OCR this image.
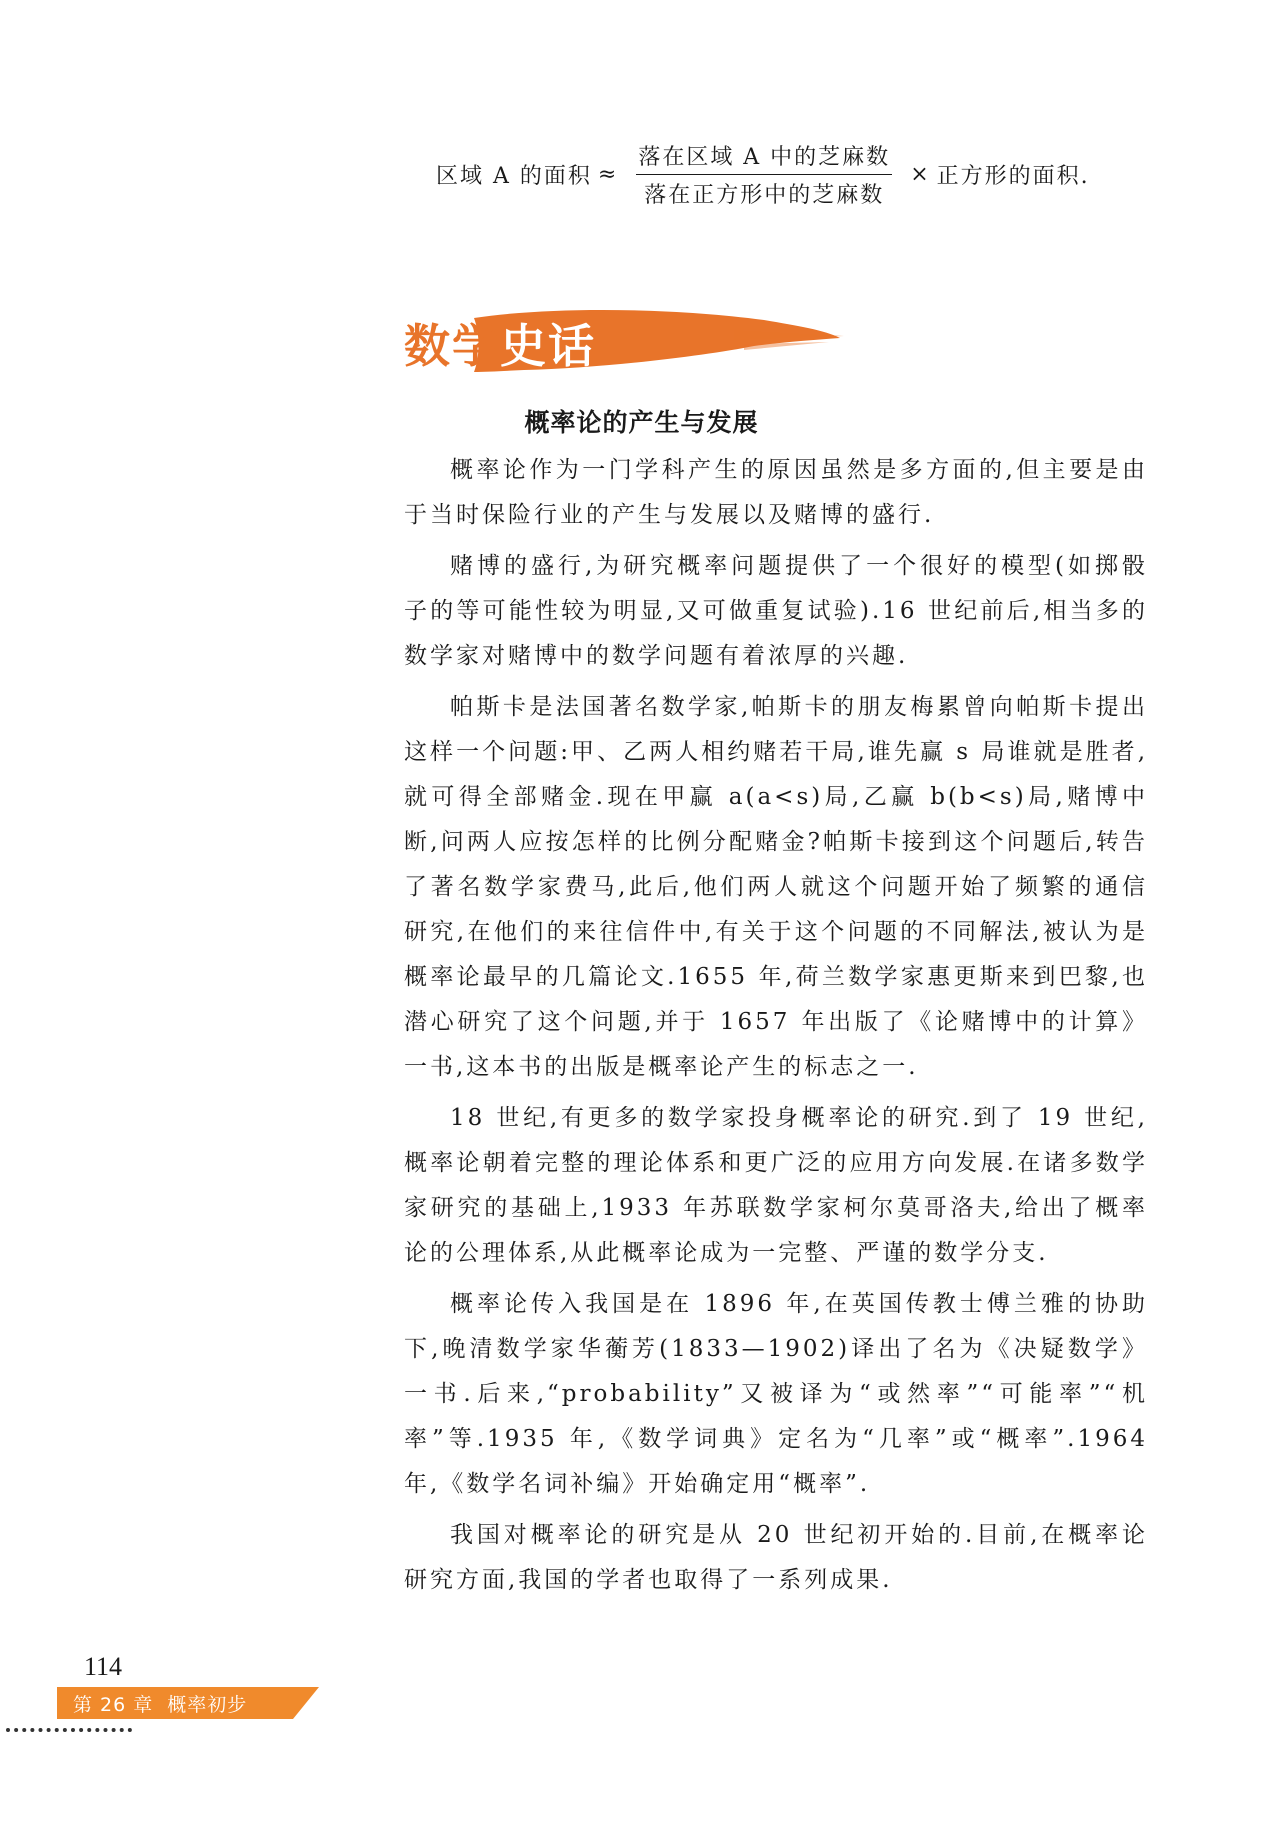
区域 A 的面积 ≈ $\frac{\text{落在区域 A 中的芝麻数}}{\text{落在正方形中的芝麻数}}$ × 正方形的面积.
数学史话
概率论的产生与发展

概率论作为一门学科产生的原因虽然是多方面的,但主要是由于当时保险行业的产生与发展以及赌博的盛行.

赌博的盛行,为研究概率问题提供了一个很好的模型(如掷骰子的等可能性较为明显,又可做重复试验).16 世纪前后,相当多的数学家对赌博中的数学问题有着浓厚的兴趣.

帕斯卡是法国著名数学家,帕斯卡的朋友梅累曾向帕斯卡提出这样一个问题:甲、乙两人相约赌若干局,谁先赢 s 局谁就是胜者,就可得全部赌金.现在甲赢 a(a<s)局,乙赢 b(b<s)局,赌博中断,问两人应按怎样的比例分配赌金?帕斯卡接到这个问题后,转告了著名数学家费马,此后,他们两人就这个问题开始了频繁的通信研究,在他们的来往信件中,有关于这个问题的不同解法,被认为是概率论最早的几篇论文.1655 年,荷兰数学家惠更斯来到巴黎,也潜心研究了这个问题,并于 1657 年出版了《论赌博中的计算》一书,这本书的出版是概率论产生的标志之一.

18 世纪,有更多的数学家投身概率论的研究.到了 19 世纪,概率论朝着完整的理论体系和更广泛的应用方向发展.在诸多数学家研究的基础上,1933 年苏联数学家柯尔莫哥洛夫,给出了概率论的公理体系,从此概率论成为一完整、严谨的数学分支.

概率论传入我国是在 1896 年,在英国传教士傅兰雅的协助下,晚清数学家华蘅芳(1833—1902)译出了名为《决疑数学》一书.后来,“probability”又被译为“或然率”“可能率”“机率”等.1935 年,《数学词典》定名为“几率”或“概率”.1964 年,《数学名词补编》开始确定用“概率”.

我国对概率论的研究是从 20 世纪初开始的.目前,在概率论研究方面,我国的学者也取得了一系列成果.

114
第 26 章 概率初步
